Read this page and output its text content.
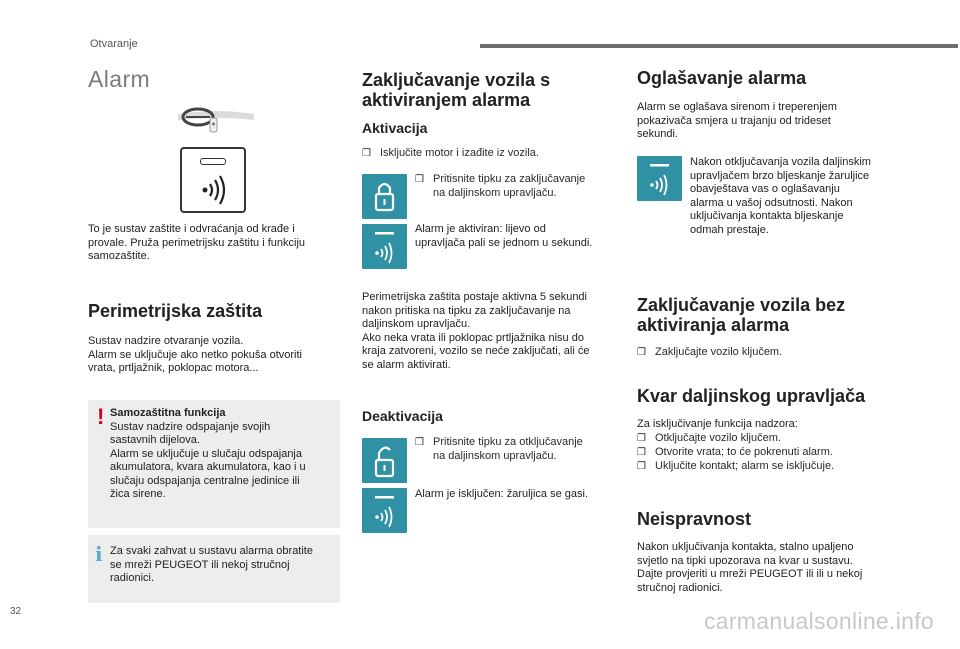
Otvaranje
32	carmanualsonline.info
Alarm
To je sustav zaštite i odvraćanja od krađe i
provale. Pruža perimetrijsku zaštitu i funkciju
samozaštite.
Perimetrijska zaštita
Sustav nadzire otvaranje vozila.
Alarm se uključuje ako netko pokuša otvoriti
vrata, prtljažnik, poklopac motora...
! Samozaštitna funkcija
Sustav nadzire odspajanje svojih
sastavnih dijelova.
Alarm se uključuje u slučaju odspajanja
akumulatora, kvara akumulatora, kao i u
slučaju odspajanja centralne jedinice ili
žica sirene.
i Za svaki zahvat u sustavu alarma obratite
se mreži PEUGEOT ili nekoj stručnoj
radionici.
Zaključavanje vozila s
aktiviranjem alarma
Aktivacija
❒ Isključite motor i izađite iz vozila.
❒ Pritisnite tipku za zaključavanje
na daljinskom upravljaču.
Alarm je aktiviran: lijevo od
upravljača pali se jednom u sekundi.
Perimetrijska zaštita postaje aktivna 5 sekundi
nakon pritiska na tipku za zaključavanje na
daljinskom upravljaču.
Ako neka vrata ili poklopac prtljažnika nisu do
kraja zatvoreni, vozilo se neće zaključati, ali će
se alarm aktivirati.
Deaktivacija
❒ Pritisnite tipku za otključavanje
na daljinskom upravljaču.
Alarm je isključen: žaruljica se gasi.
Oglašavanje alarma
Alarm se oglašava sirenom i treperenjem
pokazivača smjera u trajanju od trideset
sekundi.
Nakon otključavanja vozila daljinskim
upravljačem brzo bljeskanje žaruljice
obavještava vas o oglašavanju
alarma u vašoj odsutnosti. Nakon
uključivanja kontakta bljeskanje
odmah prestaje.
Zaključavanje vozila bez
aktiviranja alarma
❒ Zaključajte vozilo ključem.
Kvar daljinskog upravljača
Za isključivanje funkcija nadzora:
❒ Otključajte vozilo ključem.
❒ Otvorite vrata; to će pokrenuti alarm.
❒ Uključite kontakt; alarm se isključuje.
Neispravnost
Nakon uključivanja kontakta, stalno upaljeno
svjetlo na tipki upozorava na kvar u sustavu.
Dajte provjeriti u mreži PEUGEOT ili ili u nekoj
stručnoj radionici.
